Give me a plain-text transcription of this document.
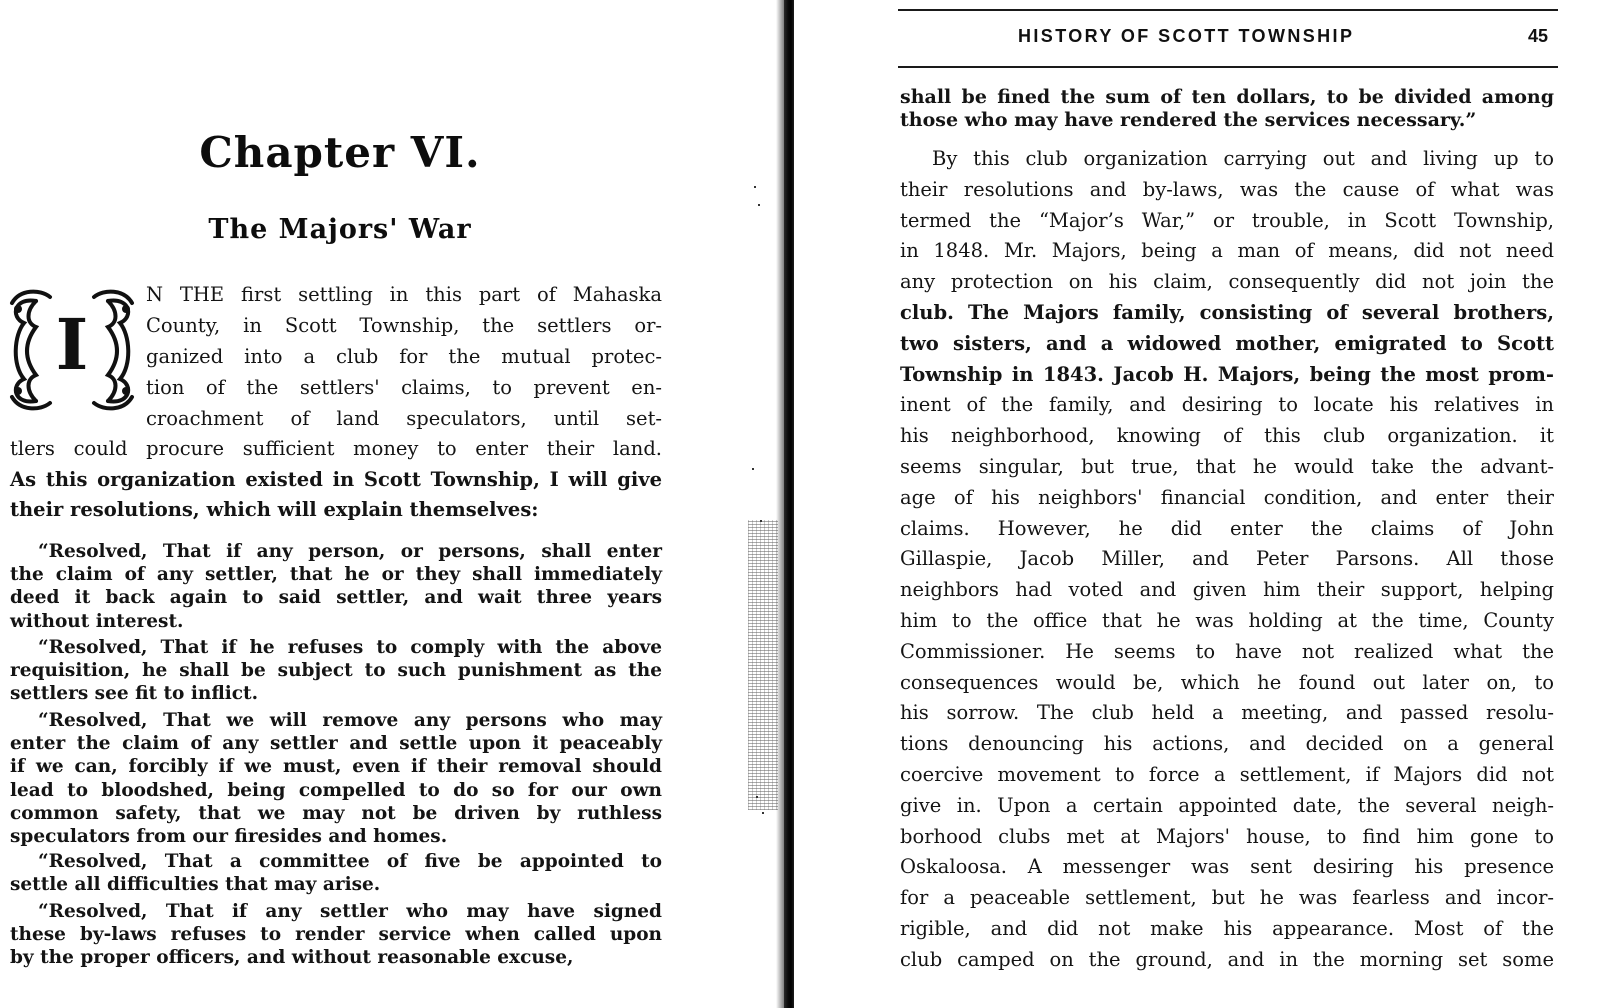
Chapter VI.
The Majors' War
I
N THE first settling in this part of Mahaska
County, in Scott Township, the settlers or-
ganized into a club for the mutual protec-
tion of the settlers' claims, to prevent en-
croachment of land speculators, until set-
tlers could procure sufficient money to enter their land.
As this organization existed in Scott Township, I will give
their resolutions, which will explain themselves:
“Resolved, That if any person, or persons, shall enter
the claim of any settler, that he or they shall immediately
deed it back again to said settler, and wait three years
without interest.
“Resolved, That if he refuses to comply with the above
requisition, he shall be subject to such punishment as the
settlers see fit to inflict.
“Resolved, That we will remove any persons who may
enter the claim of any settler and settle upon it peaceably
if we can, forcibly if we must, even if their removal should
lead to bloodshed, being compelled to do so for our own
common safety, that we may not be driven by ruthless
speculators from our firesides and homes.
“Resolved, That a committee of five be appointed to
settle all difficulties that may arise.
“Resolved, That if any settler who may have signed
these by-laws refuses to render service when called upon
by the proper officers, and without reasonable excuse,
HISTORY OF SCOTT TOWNSHIP	45
shall be fined the sum of ten dollars, to be divided among
those who may have rendered the services necessary.”
By this club organization carrying out and living up to
their resolutions and by-laws, was the cause of what was
termed the “Major’s War,” or trouble, in Scott Township,
in 1848. Mr. Majors, being a man of means, did not need
any protection on his claim, consequently did not join the
club. The Majors family, consisting of several brothers,
two sisters, and a widowed mother, emigrated to Scott
Township in 1843. Jacob H. Majors, being the most prom-
inent of the family, and desiring to locate his relatives in
his neighborhood, knowing of this club organization. it
seems singular, but true, that he would take the advant-
age of his neighbors' financial condition, and enter their
claims. However, he did enter the claims of John
Gillaspie, Jacob Miller, and Peter Parsons. All those
neighbors had voted and given him their support, helping
him to the office that he was holding at the time, County
Commissioner. He seems to have not realized what the
consequences would be, which he found out later on, to
his sorrow. The club held a meeting, and passed resolu-
tions denouncing his actions, and decided on a general
coercive movement to force a settlement, if Majors did not
give in. Upon a certain appointed date, the several neigh-
borhood clubs met at Majors' house, to find him gone to
Oskaloosa. A messenger was sent desiring his presence
for a peaceable settlement, but he was fearless and incor-
rigible, and did not make his appearance. Most of the
club camped on the ground, and in the morning set some
